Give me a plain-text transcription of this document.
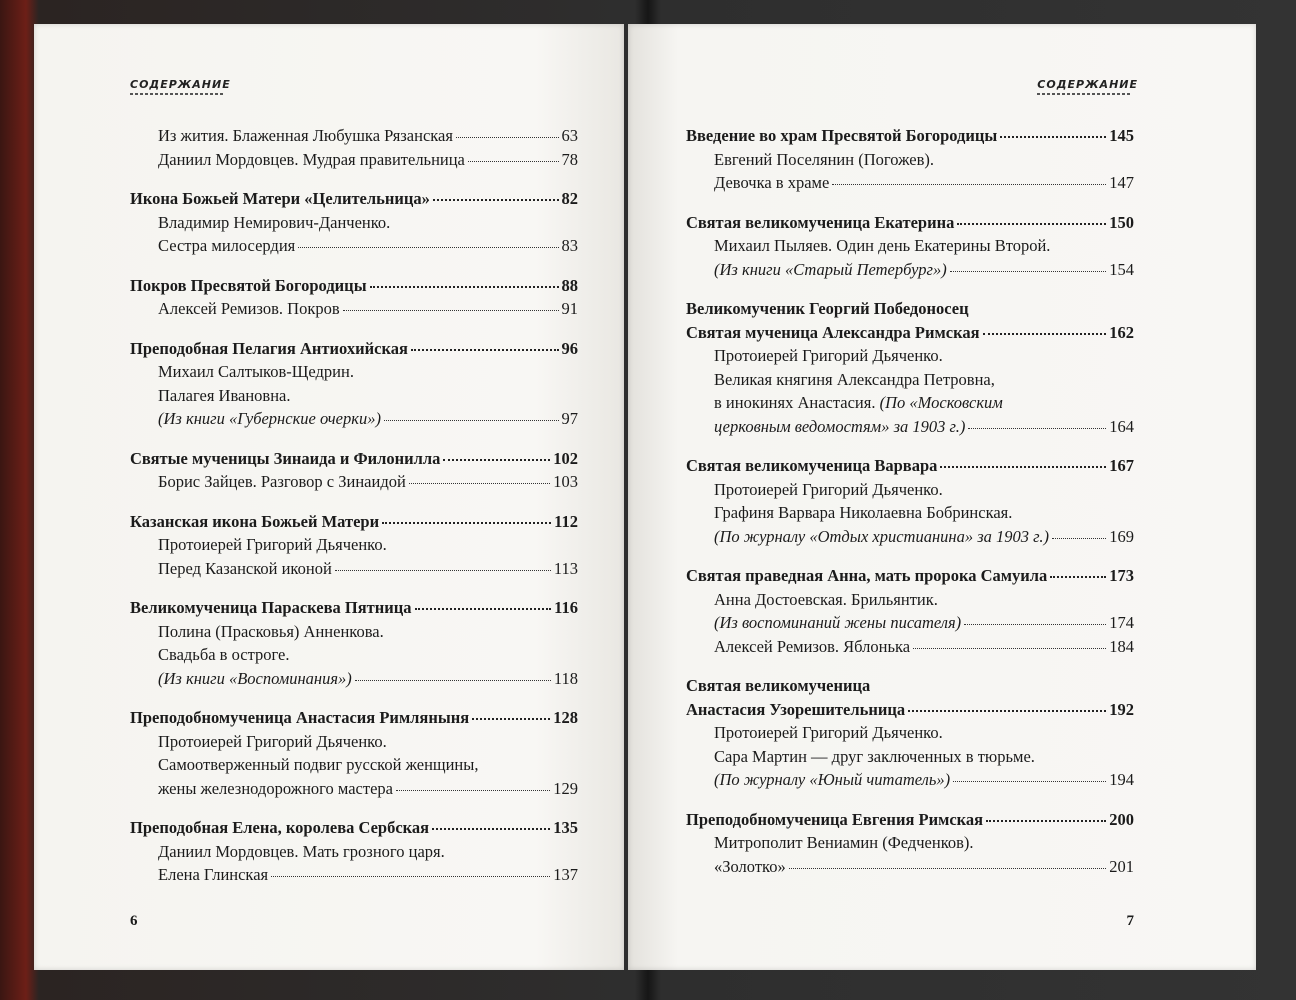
СОДЕРЖАНИЕ
Из жития. Блаженная Любушка Рязанская	63
Даниил Мордовцев. Мудрая правительница	78
Икона Божьей Матери «Целительница»	82
Владимир Немирович-Данченко.
Сестра милосердия	83
Покров Пресвятой Богородицы	88
Алексей Ремизов. Покров	91
Преподобная Пелагия Антиохийская	96
Михаил Салтыков-Щедрин.
Палагея Ивановна.
(Из книги «Губернские очерки»)	97
Святые мученицы Зинаида и Филонилла	102
Борис Зайцев. Разговор с Зинаидой	103
Казанская икона Божьей Матери	112
Протоиерей Григорий Дьяченко.
Перед Казанской иконой	113
Великомученица Параскева Пятница	116
Полина (Прасковья) Анненкова.
Свадьба в остроге.
(Из книги «Воспоминания»)	118
Преподобномученица Анастасия Римляныня	128
Протоиерей Григорий Дьяченко.
Самоотверженный подвиг русской женщины,
жены железнодорожного мастера	129
Преподобная Елена, королева Сербская	135
Даниил Мордовцев. Мать грозного царя.
Елена Глинская	137
6
СОДЕРЖАНИЕ
Введение во храм Пресвятой Богородицы	145
Евгений Поселянин (Погожев).
Девочка в храме	147
Святая великомученица Екатерина	150
Михаил Пыляев. Один день Екатерины Второй.
(Из книги «Старый Петербург»)	154
Великомученик Георгий Победоносец
Святая мученица Александра Римская	162
Протоиерей Григорий Дьяченко.
Великая княгиня Александра Петровна,
в инокинях Анастасия. (По «Московским
церковным ведомостям» за 1903 г.)	164
Святая великомученица Варвара	167
Протоиерей Григорий Дьяченко.
Графиня Варвара Николаевна Бобринская.
(По журналу «Отдых христианина» за 1903 г.)	169
Святая праведная Анна, мать пророка Самуила	173
Анна Достоевская. Брильянтик.
(Из воспоминаний жены писателя)	174
Алексей Ремизов. Яблонька	184
Святая великомученица
Анастасия Узорешительница	192
Протоиерей Григорий Дьяченко.
Сара Мартин — друг заключенных в тюрьме.
(По журналу «Юный читатель»)	194
Преподобномученица Евгения Римская	200
Митрополит Вениамин (Федченков).
«Золотко»	201
7
